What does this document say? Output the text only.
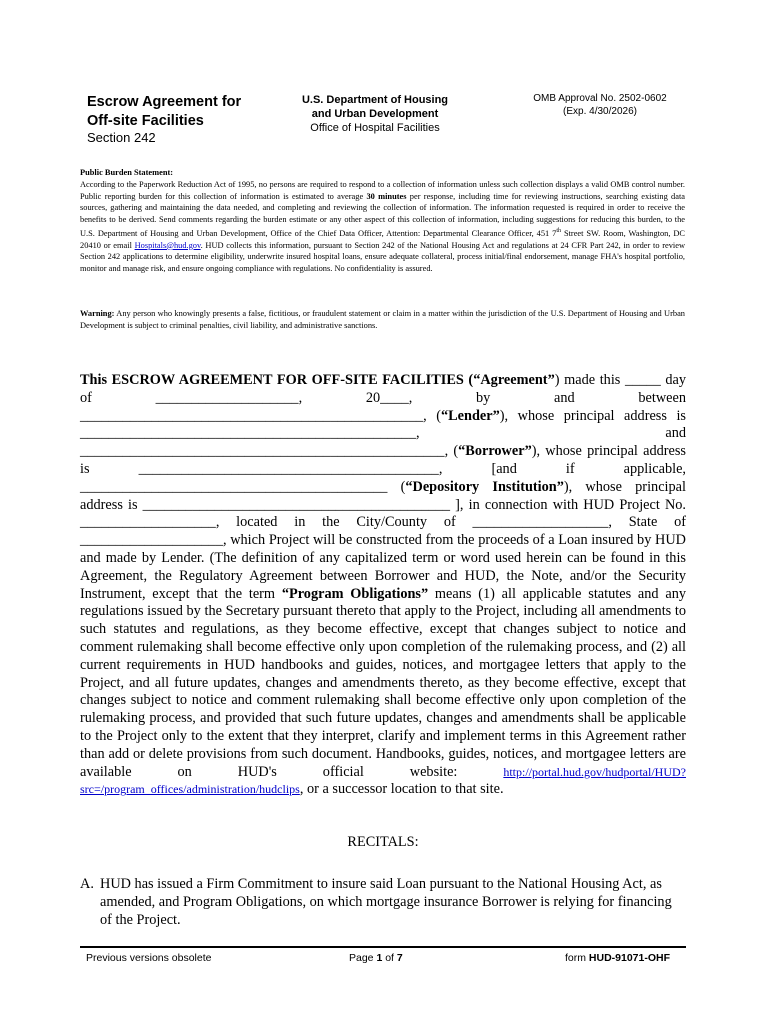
Escrow Agreement for
Off-site Facilities
Section 242
U.S. Department of Housing
and Urban Development
Office of Hospital Facilities
OMB Approval No. 2502-0602
(Exp. 4/30/2026)
Public Burden Statement:
According to the Paperwork Reduction Act of 1995, no persons are required to respond to a collection of information unless such collection displays a valid OMB control number. Public reporting burden for this collection of information is estimated to average 30 minutes per response, including time for reviewing instructions, searching existing data sources, gathering and maintaining the data needed, and completing and reviewing the collection of information. The information requested is required in order to receive the benefits to be derived. Send comments regarding the burden estimate or any other aspect of this collection of information, including suggestions for reducing this burden, to the U.S. Department of Housing and Urban Development, Office of the Chief Data Officer, Attention: Departmental Clearance Officer, 451 7th Street SW. Room, Washington, DC 20410 or email Hospitals@hud.gov. HUD collects this information, pursuant to Section 242 of the National Housing Act and regulations at 24 CFR Part 242, in order to review Section 242 applications to determine eligibility, underwrite insured hospital loans, ensure adequate collateral, process initial/final endorsement, manage FHA's hospital portfolio, monitor and manage risk, and ensure ongoing compliance with regulations. No confidentiality is assured.
Warning: Any person who knowingly presents a false, fictitious, or fraudulent statement or claim in a matter within the jurisdiction of the U.S. Department of Housing and Urban Development is subject to criminal penalties, civil liability, and administrative sanctions.

This ESCROW AGREEMENT FOR OFF-SITE FACILITIES (“Agreement”) made this _____ day of ____________________, 20____, by and between ________________________________________________, (“Lender”), whose principal address is _______________________________________________, and ___________________________________________________, (“Borrower”), whose principal address is __________________________________________, [and if applicable, ___________________________________________ (“Depository Institution”), whose principal address is ___________________________________________ ], in connection with HUD Project No. ___________________, located in the City/County of ___________________, State of ____________________, which Project will be constructed from the proceeds of a Loan insured by HUD and made by Lender. (The definition of any capitalized term or word used herein can be found in this Agreement, the Regulatory Agreement between Borrower and HUD, the Note, and/or the Security Instrument, except that the term “Program Obligations” means (1) all applicable statutes and any regulations issued by the Secretary pursuant thereto that apply to the Project, including all amendments to such statutes and regulations, as they become effective, except that changes subject to notice and comment rulemaking shall become effective only upon completion of the rulemaking process, and (2) all current requirements in HUD handbooks and guides, notices, and mortgagee letters that apply to the Project, and all future updates, changes and amendments thereto, as they become effective, except that changes subject to notice and comment rulemaking shall become effective only upon completion of the rulemaking process, and provided that such future updates, changes and amendments shall be applicable to the Project only to the extent that they interpret, clarify and implement terms in this Agreement rather than add or delete provisions from such document. Handbooks, guides, notices, and mortgagee letters are available on HUD's official website: http://portal.hud.gov/hudportal/HUD?src=/program_offices/administration/hudclips, or a successor location to that site.

RECITALS:
A. HUD has issued a Firm Commitment to insure said Loan pursuant to the National Housing Act, as amended, and Program Obligations, on which mortgage insurance Borrower is relying for financing of the Project.
Previous versions obsolete	Page 1 of 7	form HUD-91071-OHF
